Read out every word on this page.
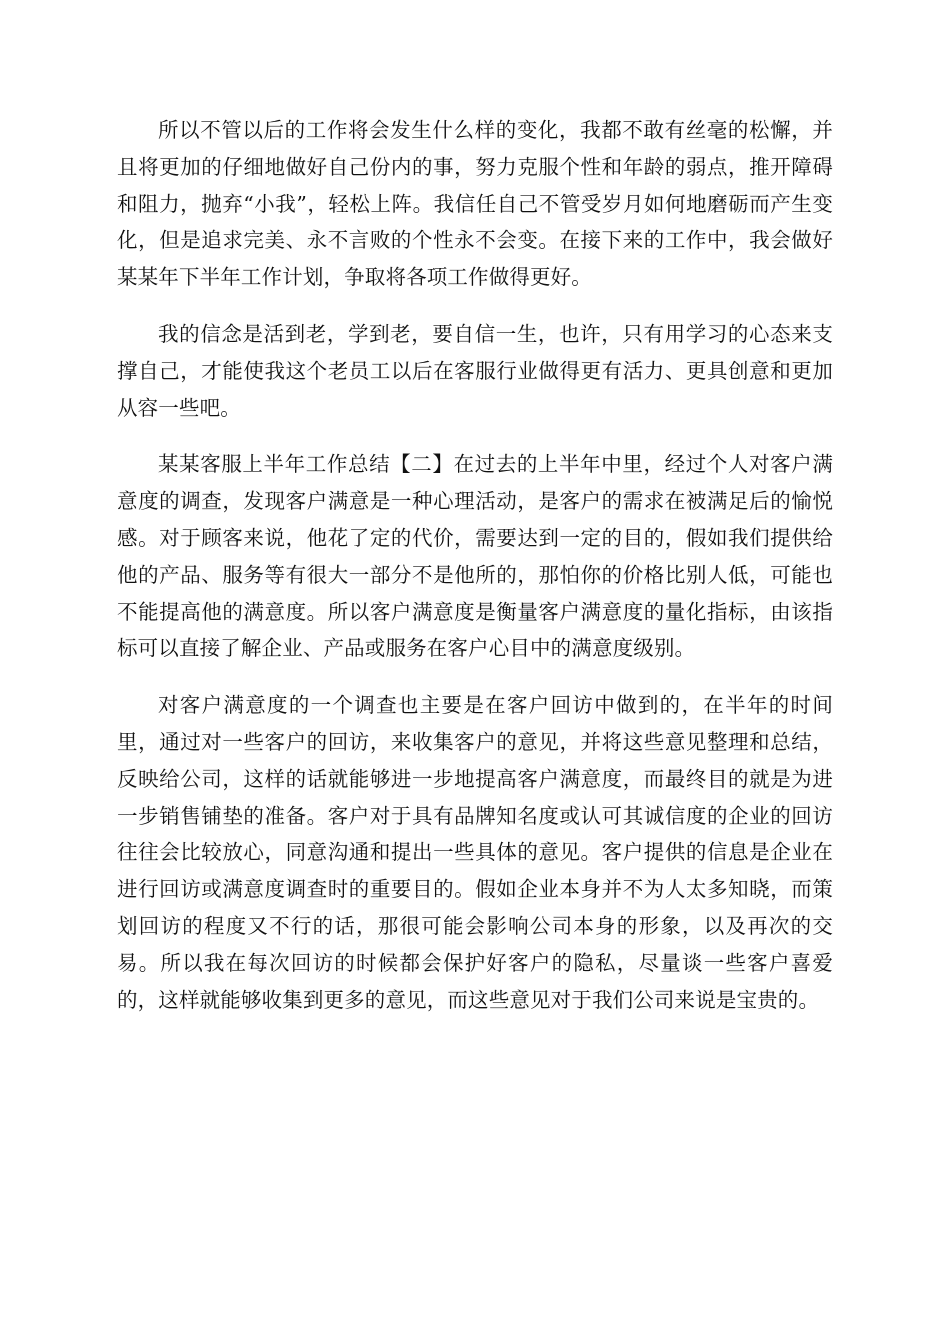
所以不管以后的工作将会发生什么样的变化，我都不敢有丝毫的松懈，并且将更加的仔细地做好自己份内的事，努力克服个性和年龄的弱点，推开障碍和阻力，抛弃“小我”，轻松上阵。我信任自己不管受岁月如何地磨砺而产生变化，但是追求完美、永不言败的个性永不会变。在接下来的工作中，我会做好某某年下半年工作计划，争取将各项工作做得更好。

我的信念是活到老，学到老，要自信一生，也许，只有用学习的心态来支撑自己，才能使我这个老员工以后在客服行业做得更有活力、更具创意和更加从容一些吧。

某某客服上半年工作总结【二】在过去的上半年中里，经过个人对客户满意度的调查，发现客户满意是一种心理活动，是客户的需求在被满足后的愉悦感。对于顾客来说，他花了定的代价，需要达到一定的目的，假如我们提供给他的产品、服务等有很大一部分不是他所的，那怕你的价格比别人低，可能也不能提高他的满意度。所以客户满意度是衡量客户满意度的量化指标，由该指标可以直接了解企业、产品或服务在客户心目中的满意度级别。

对客户满意度的一个调查也主要是在客户回访中做到的，在半年的时间里，通过对一些客户的回访，来收集客户的意见，并将这些意见整理和总结，反映给公司，这样的话就能够进一步地提高客户满意度，而最终目的就是为进一步销售铺垫的准备。客户对于具有品牌知名度或认可其诚信度的企业的回访往往会比较放心，同意沟通和提出一些具体的意见。客户提供的信息是企业在进行回访或满意度调查时的重要目的。假如企业本身并不为人太多知晓，而策划回访的程度又不行的话，那很可能会影响公司本身的形象，以及再次的交易。所以我在每次回访的时候都会保护好客户的隐私，尽量谈一些客户喜爱的，这样就能够收集到更多的意见，而这些意见对于我们公司来说是宝贵的。
